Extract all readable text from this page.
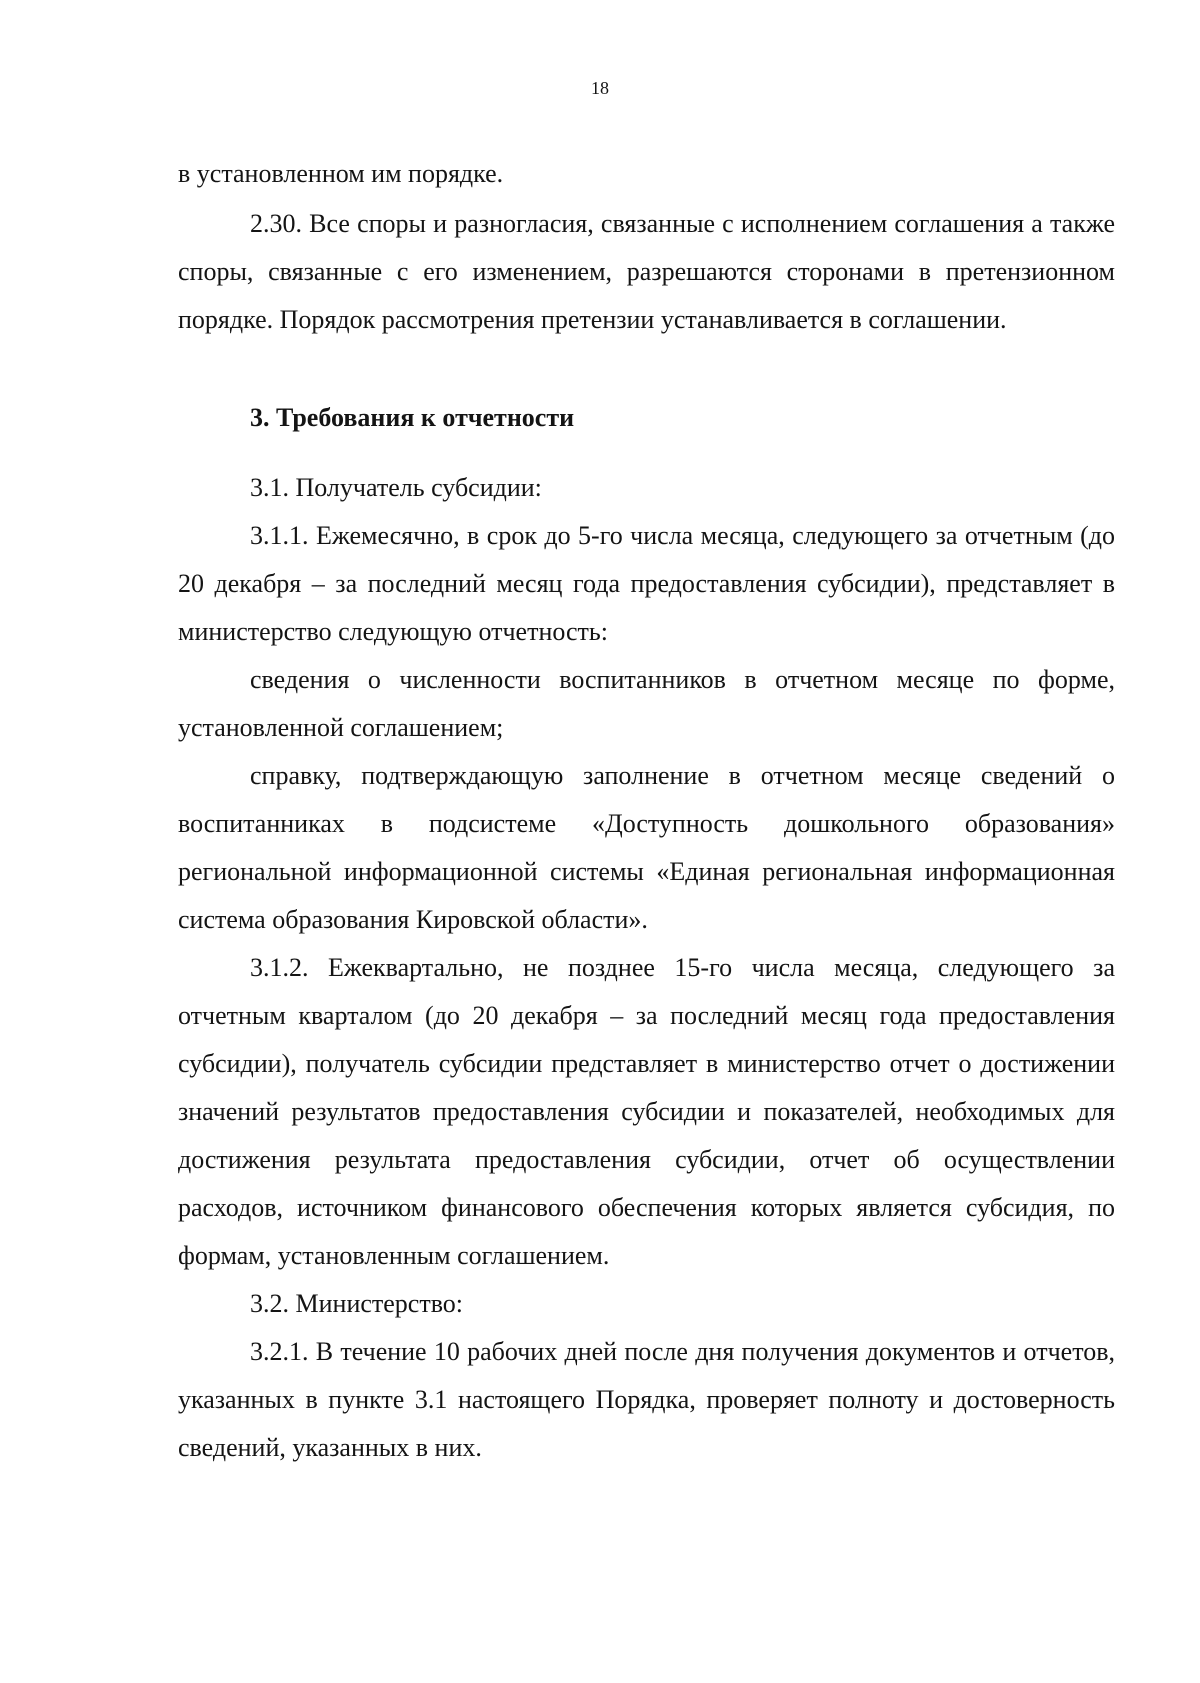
18

в установленном им порядке.

2.30. Все споры и разногласия, связанные с исполнением соглашения а также споры, связанные с его изменением, разрешаются сторонами в претензионном порядке. Порядок рассмотрения претензии устанавливается в соглашении.

3. Требования к отчетности

3.1. Получатель субсидии:

3.1.1. Ежемесячно, в срок до 5-го числа месяца, следующего за отчетным (до 20 декабря – за последний месяц года предоставления субсидии), представляет в министерство следующую отчетность:

сведения о численности воспитанников в отчетном месяце по форме, установленной соглашением;

справку, подтверждающую заполнение в отчетном месяце сведений о воспитанниках в подсистеме «Доступность дошкольного образования» региональной информационной системы «Единая региональная информационная система образования Кировской области».

3.1.2. Ежеквартально, не позднее 15-го числа месяца, следующего за отчетным кварталом (до 20 декабря – за последний месяц года предоставления субсидии), получатель субсидии представляет в министерство отчет о достижении значений результатов предоставления субсидии и показателей, необходимых для достижения результата предоставления субсидии, отчет об осуществлении расходов, источником финансового обеспечения которых является субсидия, по формам, установленным соглашением.

3.2. Министерство:

3.2.1. В течение 10 рабочих дней после дня получения документов и отчетов, указанных в пункте 3.1 настоящего Порядка, проверяет полноту и достоверность сведений, указанных в них.
